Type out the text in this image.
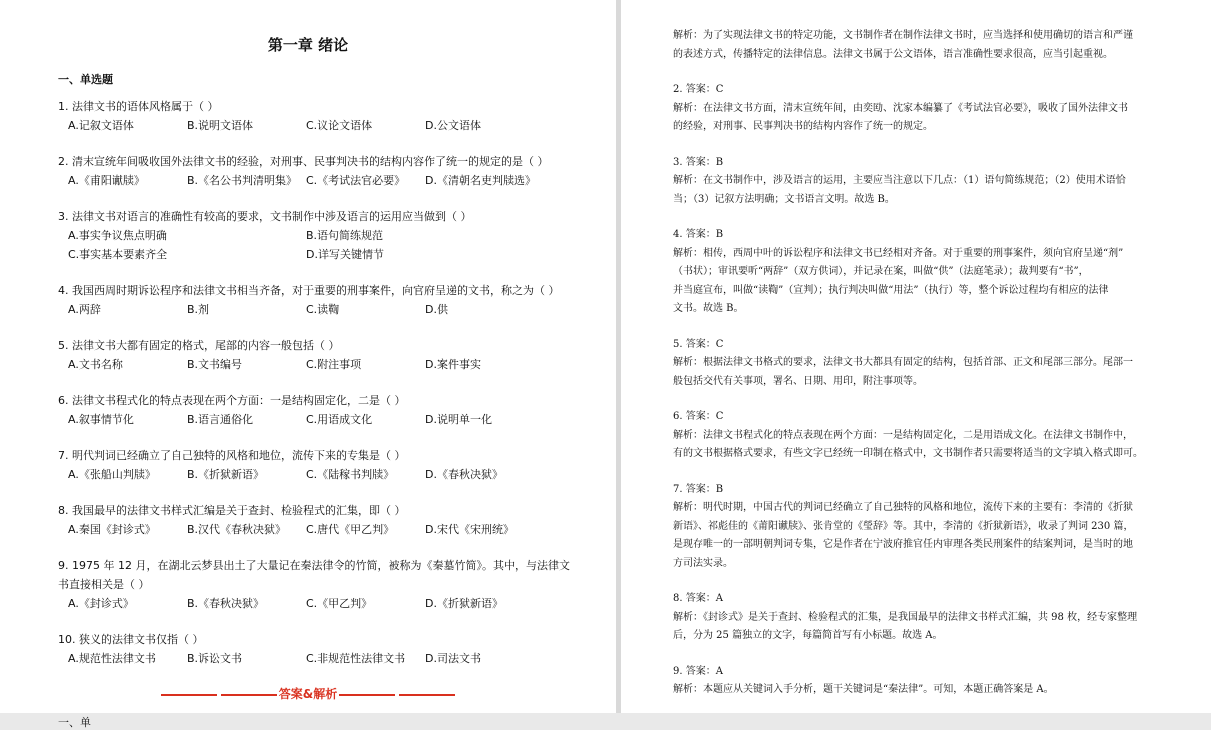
第一章 绪论
一、单选题
1. 法律文书的语体风格属于（ ）
A.记叙文语体	B.说明文语体	C.议论文语体	D.公文语体
2. 清末宣统年间吸收国外法律文书的经验，对刑事、民事判决书的结构内容作了统一的规定的是（ ）
A.《甫阳谳牍》	B.《名公书判清明集》 C.《考试法官必要》	D.《清朝名吏判牍选》
3. 法律文书对语言的准确性有较高的要求，文书制作中涉及语言的运用应当做到（ ）
A.事实争议焦点明确	B.语句简练规范
C.事实基本要素齐全	D.详写关键情节
4. 我国西周时期诉讼程序和法律文书相当齐备，对于重要的刑事案件，向官府呈递的文书，称之为（ ）
A.两辞	B.剂	C.读鞫	D.供
5. 法律文书大都有固定的格式，尾部的内容一般包括（ ）
A.文书名称	B.文书编号	C.附注事项	D.案件事实
6. 法律文书程式化的特点表现在两个方面：一是结构固定化，二是（ ）
A.叙事情节化	B.语言通俗化	C.用语成文化	D.说明单一化
7. 明代判词已经确立了自己独特的风格和地位，流传下来的专集是（ ）
A.《张船山判牍》	B.《折狱新语》	C.《陆稼书判牍》	D.《春秋决狱》
8. 我国最早的法律文书样式汇编是关于查封、检验程式的汇集，即（ ）
A.秦国《封诊式》	B.汉代《春秋决狱》	C.唐代《甲乙判》	D.宋代《宋刑统》
9. 1975 年 12 月，在湖北云梦县出土了大量记在秦法律令的竹简，被称为《秦墓竹简》。其中，与法律文
书直接相关是（ ）
A.《封诊式》	B.《春秋决狱》	C.《甲乙判》	D.《折狱新语》
10. 狭义的法律文书仅指（ ）
A.规范性法律文书	B.诉讼文书	C.非规范性法律文书	D.司法文书
答案&解析
一、单

解析：为了实现法律文书的特定功能，文书制作者在制作法律文书时，应当选择和使用确切的语言和严谨

的表述方式，传播特定的法律信息。法律文书属于公文语体，语言准确性要求很高，应当引起重视。

2. 答案：C

解析：在法律文书方面，清末宣统年间，由奕劻、沈家本编纂了《考试法官必要》，吸收了国外法律文书

的经验，对刑事、民事判决书的结构内容作了统一的规定。

3. 答案：B

解析：在文书制作中，涉及语言的运用，主要应当注意以下几点：（1）语句简练规范；（2）使用术语恰

当；（3）记叙方法明确；文书语言文明。故选 B。

4. 答案：B

解析：相传，西周中叶的诉讼程序和法律文书已经相对齐备。对于重要的刑事案件，须向官府呈递“剂”

（书状）；审讯要听“两辞”（双方供词），并记录在案，叫做“供”（法庭笔录）；裁判要有“书”，

并当庭宣布，叫做“读鞫”（宣判）；执行判决叫做“用法”（执行）等，整个诉讼过程均有相应的法律

文书。故选 B。

5. 答案：C

解析：根据法律文书格式的要求，法律文书大都具有固定的结构，包括首部、正文和尾部三部分。尾部一

般包括交代有关事项，署名、日期、用印，附注事项等。

6. 答案：C

解析：法律文书程式化的特点表现在两个方面：一是结构固定化，二是用语成文化。在法律文书制作中，

有的文书根据格式要求，有些文字已经统一印制在格式中，文书制作者只需要将适当的文字填入格式即可。

7. 答案：B

解析：明代时期，中国古代的判词已经确立了自己独特的风格和地位，流传下来的主要有：李清的《折狱

新语》、祁彪佳的《莆阳谳牍》、张肯堂的《瑩辞》等。其中，李清的《折狱新语》，收录了判词 230 篇，

是现存唯一的一部明朝判词专集，它是作者在宁波府推官任内审理各类民刑案件的结案判词，是当时的地

方司法实录。

8. 答案：A

解析：《封诊式》是关于查封、检验程式的汇集，是我国最早的法律文书样式汇编，共 98 枚，经专家整理

后，分为 25 篇独立的文字，每篇简首写有小标题。故选 A。

9. 答案：A

解析：本题应从关键词入手分析，题干关键词是“秦法律”。可知，本题正确答案是 A。
